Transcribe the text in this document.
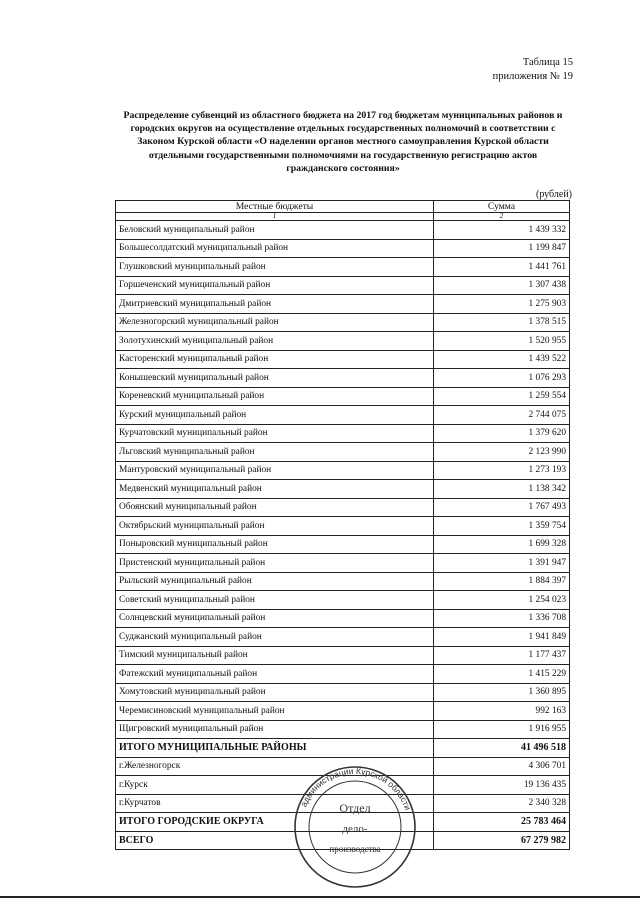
Таблица 15
приложения № 19
Распределение субвенций из областного бюджета на 2017 год бюджетам муниципальных районов и городских округов на осуществление отдельных государственных полномочий в соответствии с Законом Курской области «О наделении органов местного самоуправления Курской области отдельными государственными полномочиями на государственную регистрацию актов гражданского состояния»
(рублей)
Местные бюджеты	Сумма
1	2
Беловский муниципальный район	1 439 332
Большесолдатский муниципальный район	1 199 847
Глушковский муниципальный район	1 441 761
Горшеченский муниципальный район	1 307 438
Дмитриевский муниципальный район	1 275 903
Железногорский муниципальный район	1 378 515
Золотухинский муниципальный район	1 520 955
Касторенский муниципальный район	1 439 522
Конышевский муниципальный район	1 076 293
Кореневский муниципальный район	1 259 554
Курский муниципальный район	2 744 075
Курчатовский муниципальный район	1 379 620
Льговский муниципальный район	2 123 990
Мантуровский муниципальный район	1 273 193
Медвенский муниципальный район	1 138 342
Обоянский муниципальный район	1 767 493
Октябрьский муниципальный район	1 359 754
Поныровский муниципальный район	1 699 328
Пристенский муниципальный район	1 391 947
Рыльский муниципальный район	1 884 397
Советский муниципальный район	1 254 023
Солнцевский муниципальный район	1 336 708
Суджанский муниципальный район	1 941 849
Тимский муниципальный район	1 177 437
Фатежский муниципальный район	1 415 229
Хомутовский муниципальный район	1 360 895
Черемисиновский муниципальный район	992 163
Щигровский муниципальный район	1 916 955
ИТОГО МУНИЦИПАЛЬНЫЕ РАЙОНЫ	41 496 518
г.Железногорск	4 306 701
г.Курск	19 136 435
г.Курчатов	2 340 328
ИТОГО ГОРОДСКИЕ ОКРУГА	25 783 464
ВСЕГО	67 279 982
администрации Курской области
Отдел
дело-
производства
